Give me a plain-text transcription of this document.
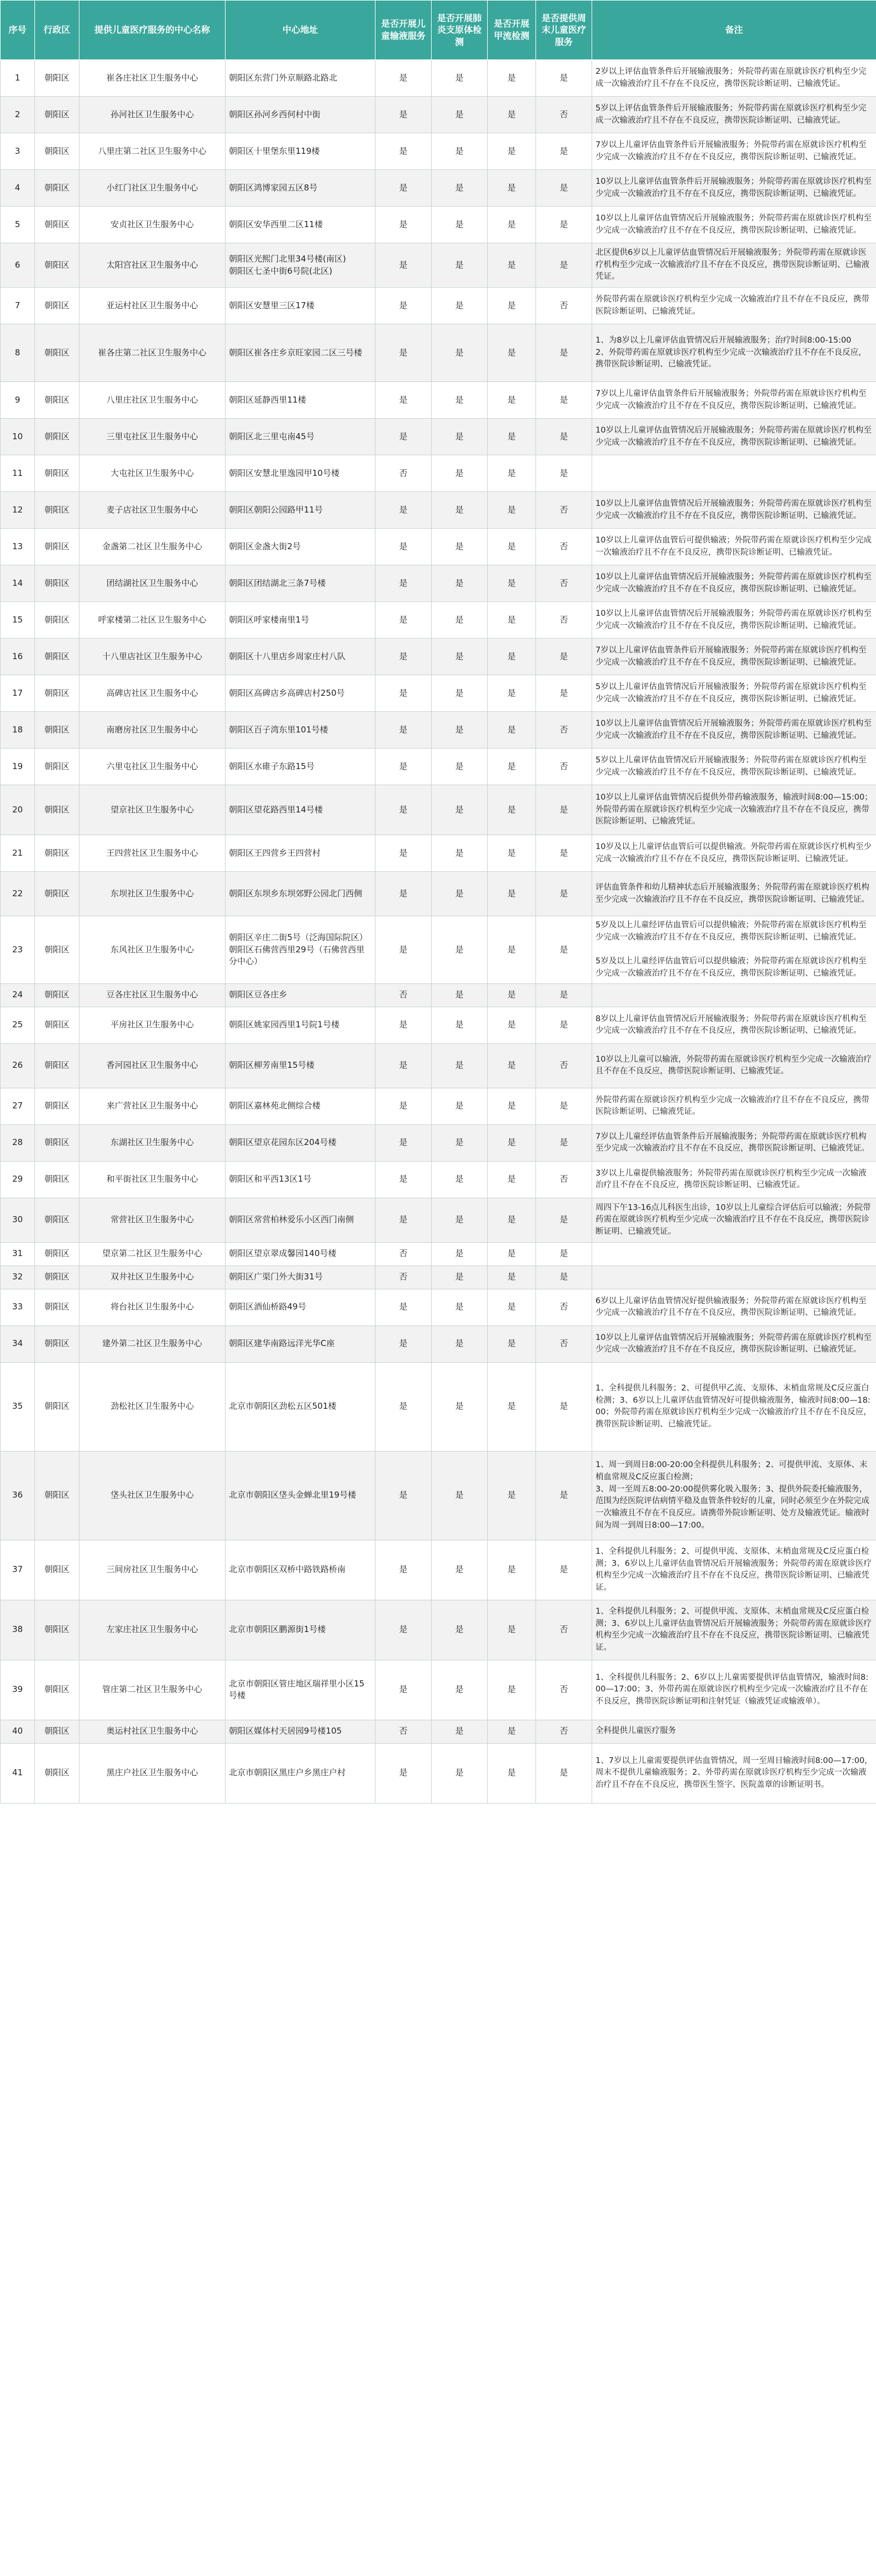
序号	行政区	提供儿童医疗服务的中心名称	中心地址	是否开展儿童输液服务	是否开展肺炎支原体检测	是否开展甲流检测	是否提供周末儿童医疗服务	备注
1	朝阳区	崔各庄社区卫生服务中心	朝阳区东营门外京顺路北路北	是	是	是	是	2岁以上评估血管条件后开展输液服务；外院带药需在原就诊医疗机构至少完成一次输液治疗且不存在不良反应，携带医院诊断证明、已输液凭证。
2	朝阳区	孙河社区卫生服务中心	朝阳区孙河乡西何村中街	是	是	是	否	5岁以上评估血管条件后开展输液服务；外院带药需在原就诊医疗机构至少完成一次输液治疗且不存在不良反应，携带医院诊断证明、已输液凭证。
3	朝阳区	八里庄第二社区卫生服务中心	朝阳区十里堡东里119楼	是	是	是	是	7岁以上儿童评估血管条件后开展输液服务；外院带药需在原就诊医疗机构至少完成一次输液治疗且不存在不良反应，携带医院诊断证明、已输液凭证。
4	朝阳区	小红门社区卫生服务中心	朝阳区鸿博家园五区8号	是	是	是	是	10岁以上儿童评估血管条件后开展输液服务；外院带药需在原就诊医疗机构至少完成一次输液治疗且不存在不良反应，携带医院诊断证明、已输液凭证。
5	朝阳区	安贞社区卫生服务中心	朝阳区安华西里二区11楼	是	是	是	是	10岁以上儿童评估血管情况后开展输液服务；外院带药需在原就诊医疗机构至少完成一次输液治疗且不存在不良反应，携带医院诊断证明、已输液凭证。
6	朝阳区	太阳宫社区卫生服务中心	朝阳区光熙门北里34号楼(南区)
朝阳区七圣中街6号院(北区)	是	是	是	是	北区提供6岁以上儿童评估血管情况后开展输液服务；外院带药需在原就诊医疗机构至少完成一次输液治疗且不存在不良反应，携带医院诊断证明、已输液凭证。
7	朝阳区	亚运村社区卫生服务中心	朝阳区安慧里三区17楼	是	是	是	否	外院带药需在原就诊医疗机构至少完成一次输液治疗且不存在不良反应，携带医院诊断证明、已输液凭证。
8	朝阳区	崔各庄第二社区卫生服务中心	朝阳区崔各庄乡京旺家园二区三号楼	是	是	是	是	1、为8岁以上儿童评估血管情况后开展输液服务；治疗时间8:00-15:00
2、外院带药需在原就诊医疗机构至少完成一次输液治疗且不存在不良反应，携带医院诊断证明、已输液凭证。
9	朝阳区	八里庄社区卫生服务中心	朝阳区延静西里11楼	是	是	是	是	7岁以上儿童评估血管条件后开展输液服务；外院带药需在原就诊医疗机构至少完成一次输液治疗且不存在不良反应，携带医院诊断证明、已输液凭证。
10	朝阳区	三里屯社区卫生服务中心	朝阳区北三里屯南45号	是	是	是	是	10岁以上儿童评估血管情况后开展输液服务；外院带药需在原就诊医疗机构至少完成一次输液治疗且不存在不良反应，携带医院诊断证明、已输液凭证。
11	朝阳区	大屯社区卫生服务中心	朝阳区安慧北里逸园甲10号楼	否	是	是	是	
12	朝阳区	麦子店社区卫生服务中心	朝阳区朝阳公园路甲11号	是	是	是	否	10岁以上儿童评估血管情况后开展输液服务；外院带药需在原就诊医疗机构至少完成一次输液治疗且不存在不良反应，携带医院诊断证明、已输液凭证。
13	朝阳区	金盏第二社区卫生服务中心	朝阳区金盏大街2号	是	是	是	否	10岁以上儿童评估血管后可提供输液；外院带药需在原就诊医疗机构至少完成一次输液治疗且不存在不良反应，携带医院诊断证明、已输液凭证。
14	朝阳区	团结湖社区卫生服务中心	朝阳区团结湖北三条7号楼	是	是	是	否	10岁以上儿童评估血管情况后开展输液服务；外院带药需在原就诊医疗机构至少完成一次输液治疗且不存在不良反应，携带医院诊断证明、已输液凭证。
15	朝阳区	呼家楼第二社区卫生服务中心	朝阳区呼家楼南里1号	是	是	是	否	10岁以上儿童评估血管情况后开展输液服务；外院带药需在原就诊医疗机构至少完成一次输液治疗且不存在不良反应，携带医院诊断证明、已输液凭证。
16	朝阳区	十八里店社区卫生服务中心	朝阳区十八里店乡周家庄村八队	是	是	是	是	7岁以上儿童评估血管条件后开展输液服务；外院带药需在原就诊医疗机构至少完成一次输液治疗且不存在不良反应，携带医院诊断证明、已输液凭证。
17	朝阳区	高碑店社区卫生服务中心	朝阳区高碑店乡高碑店村250号	是	是	是	是	5岁以上儿童评估血管情况后开展输液服务；外院带药需在原就诊医疗机构至少完成一次输液治疗且不存在不良反应，携带医院诊断证明、已输液凭证。
18	朝阳区	南磨房社区卫生服务中心	朝阳区百子湾东里101号楼	是	是	是	否	10岁以上儿童评估血管情况后开展输液服务；外院带药需在原就诊医疗机构至少完成一次输液治疗且不存在不良反应，携带医院诊断证明、已输液凭证。
19	朝阳区	六里屯社区卫生服务中心	朝阳区水碓子东路15号	是	是	是	否	5岁以上儿童评估血管情况后开展输液服务；外院带药需在原就诊医疗机构至少完成一次输液治疗且不存在不良反应，携带医院诊断证明、已输液凭证。
20	朝阳区	望京社区卫生服务中心	朝阳区望花路西里14号楼	是	是	是	是	10岁以上儿童评估血管情况后提供外带药输液服务，输液时间8:00—15:00；外院带药需在原就诊医疗机构至少完成一次输液治疗且不存在不良反应，携带医院诊断证明、已输液凭证。
21	朝阳区	王四营社区卫生服务中心	朝阳区王四营乡王四营村	是	是	是	是	10岁及以上儿童评估血管后可以提供输液。外院带药需在原就诊医疗机构至少完成一次输液治疗且不存在不良反应，携带医院诊断证明、已输液凭证。
22	朝阳区	东坝社区卫生服务中心	朝阳区东坝乡东坝郊野公园北门西侧	是	是	是	是	评估血管条件和幼儿精神状态后开展输液服务；外院带药需在原就诊医疗机构至少完成一次输液治疗且不存在不良反应，携带医院诊断证明、已输液凭证。
23	朝阳区	东风社区卫生服务中心	朝阳区辛庄二街5号（泛海国际院区）
朝阳区石佛营西里29号（石佛营西里分中心）	是	是	是	是	5岁及以上儿童经评估血管后可以提供输液；外院带药需在原就诊医疗机构至少完成一次输液治疗且不存在不良反应，携带医院诊断证明、已输液凭证。

5岁及以上儿童经评估血管后可以提供输液；外院带药需在原就诊医疗机构至少完成一次输液治疗且不存在不良反应，携带医院诊断证明、已输液凭证。
24	朝阳区	豆各庄社区卫生服务中心	朝阳区豆各庄乡	否	是	是	是	
25	朝阳区	平房社区卫生服务中心	朝阳区姚家园西里1号院1号楼	是	是	是	是	8岁以上儿童评估血管情况后开展输液服务；外院带药需在原就诊医疗机构至少完成一次输液治疗且不存在不良反应，携带医院诊断证明、已输液凭证。
26	朝阳区	香河园社区卫生服务中心	朝阳区柳芳南里15号楼	是	是	是	否	10岁以上儿童可以输液，外院带药需在原就诊医疗机构至少完成一次输液治疗且不存在不良反应，携带医院诊断证明、已输液凭证。
27	朝阳区	来广营社区卫生服务中心	朝阳区嘉林苑北侧综合楼	是	是	是	是	外院带药需在原就诊医疗机构至少完成一次输液治疗且不存在不良反应，携带医院诊断证明、已输液凭证。
28	朝阳区	东湖社区卫生服务中心	朝阳区望京花园东区204号楼	是	是	是	是	7岁以上儿童经评估血管条件后开展输液服务；外院带药需在原就诊医疗机构至少完成一次输液治疗且不存在不良反应，携带医院诊断证明、已输液凭证。
29	朝阳区	和平街社区卫生服务中心	朝阳区和平西13区1号	是	是	是	否	3岁以上儿童提供输液服务；外院带药需在原就诊医疗机构至少完成一次输液治疗且不存在不良反应，携带医院诊断证明、已输液凭证。
30	朝阳区	常营社区卫生服务中心	朝阳区常营柏林爱乐小区西门南侧	是	是	是	是	周四下午13-16点儿科医生出诊，10岁以上儿童综合评估后可以输液；外院带药需在原就诊医疗机构至少完成一次输液治疗且不存在不良反应，携带医院诊断证明、已输液凭证。
31	朝阳区	望京第二社区卫生服务中心	朝阳区望京翠成馨园140号楼	否	是	是	是	
32	朝阳区	双井社区卫生服务中心	朝阳区广渠门外大街31号	否	是	是	是	
33	朝阳区	将台社区卫生服务中心	朝阳区酒仙桥路49号	是	是	是	否	6岁以上儿童评估血管情况好提供输液服务；外院带药需在原就诊医疗机构至少完成一次输液治疗且不存在不良反应，携带医院诊断证明、已输液凭证。
34	朝阳区	建外第二社区卫生服务中心	朝阳区建华南路远洋光华C座	是	是	是	否	10岁以上儿童评估血管情况后开展输液服务；外院带药需在原就诊医疗机构至少完成一次输液治疗且不存在不良反应，携带医院诊断证明、已输液凭证。
35	朝阳区	劲松社区卫生服务中心	北京市朝阳区劲松五区501楼	是	是	是	是	1、全科提供儿科服务；2、可提供甲乙流、支原体、末梢血常规及C反应蛋白检测；3、6岁以上儿童评估血管情况好可提供输液服务，输液时间8:00—18:00；外院带药需在原就诊医疗机构至少完成一次输液治疗且不存在不良反应，携带医院诊断证明、已输液凭证。
36	朝阳区	垡头社区卫生服务中心	北京市朝阳区垡头金蝉北里19号楼	是	是	是	是	1、周一到周日8:00-20:00全科提供儿科服务；2、可提供甲流、支原体、末梢血常规及C反应蛋白检测；
3、周一至周五8:00-20:00提供雾化吸入服务；3、提供外院委托输液服务，范围为经医院评估病情平稳及血管条件较好的儿童，同时必须至少在外院完成一次输液且不存在不良反应。请携带外院诊断证明、处方及输液凭证。输液时间为周一到周日8:00—17:00。
37	朝阳区	三间房社区卫生服务中心	北京市朝阳区双桥中路铁路桥南	是	是	是	是	1、全科提供儿科服务；2、可提供甲流、支原体、末梢血常规及C反应蛋白检测；3、6岁以上儿童评估血管情况后开展输液服务；外院带药需在原就诊医疗机构至少完成一次输液治疗且不存在不良反应，携带医院诊断证明、已输液凭证。
38	朝阳区	左家庄社区卫生服务中心	北京市朝阳区鹏源街1号楼	是	是	是	否	1、全科提供儿科服务；2、可提供甲流、支原体、末梢血常规及C反应蛋白检测；3、6岁以上儿童评估血管情况后开展输液服务；外院带药需在原就诊医疗机构至少完成一次输液治疗且不存在不良反应，携带医院诊断证明、已输液凭证。
39	朝阳区	管庄第二社区卫生服务中心	北京市朝阳区管庄地区瑞祥里小区15号楼	是	是	是	否	1、全科提供儿科服务；2、6岁以上儿童需要提供评估血管情况，输液时间8:00—17:00；3、外带药需在原就诊医疗机构至少完成一次输液治疗且不存在不良反应，携带医院诊断证明和注射凭证（输液凭证或输液单）。
40	朝阳区	奥运村社区卫生服务中心	朝阳区媒体村天居园9号楼105	否	是	是	否	全科提供儿童医疗服务
41	朝阳区	黑庄户社区卫生服务中心	北京市朝阳区黑庄户乡黑庄户村	是	是	是	是	1、7岁以上儿童需要提供评估血管情况，周一至周日输液时间8:00—17:00，周末不提供儿童输液服务；2、外带药需在原就诊医疗机构至少完成一次输液治疗且不存在不良反应，携带医生签字、医院盖章的诊断证明书。
